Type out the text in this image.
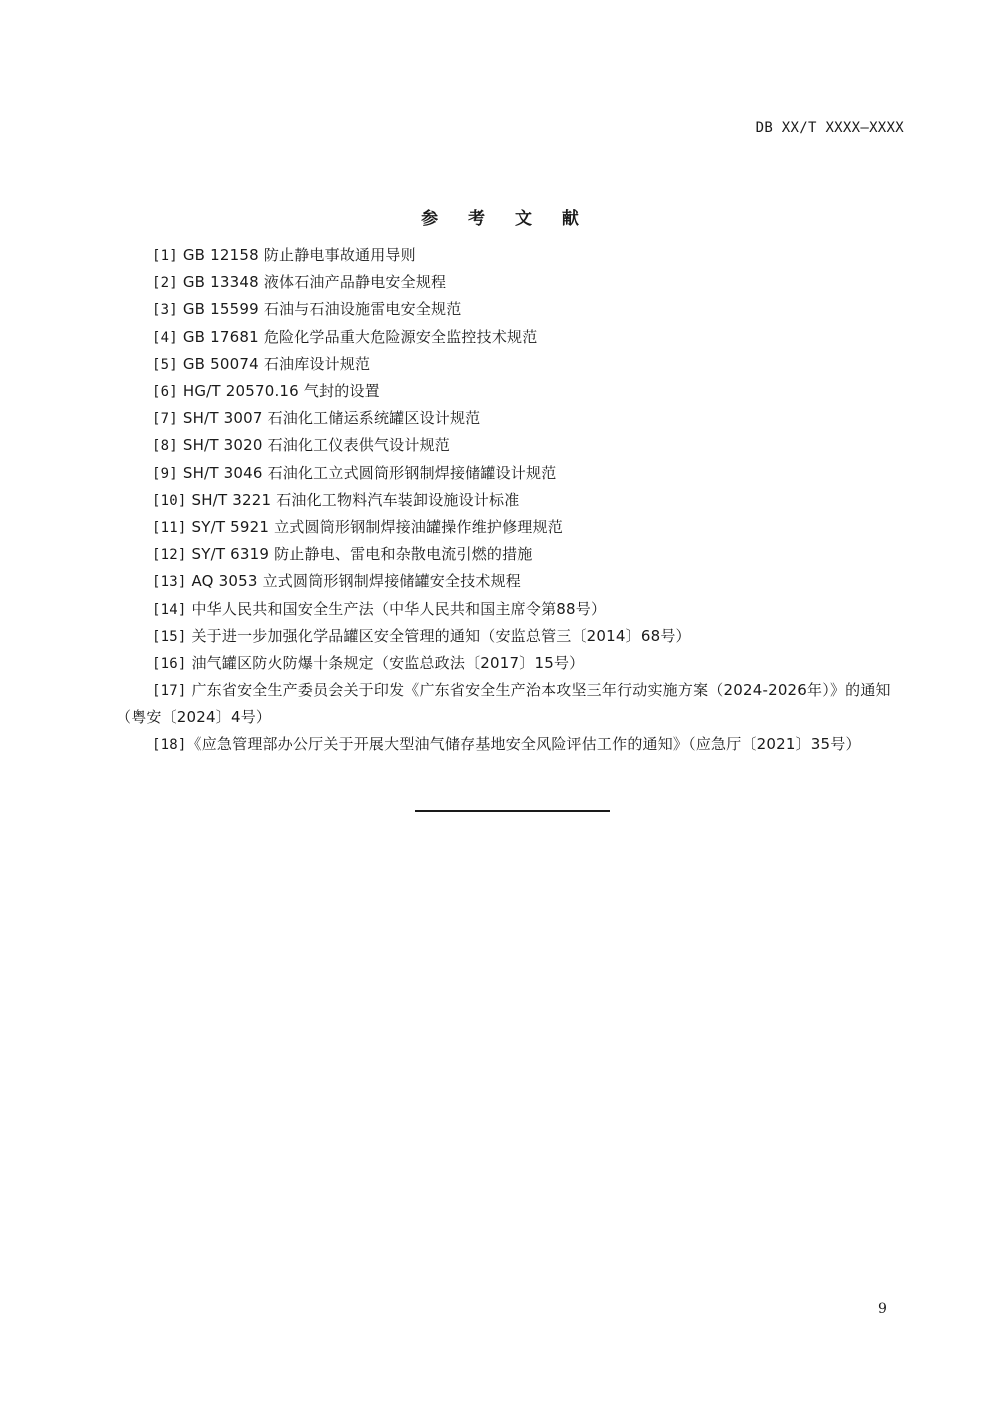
DB XX/T XXXX—XXXX
参 考 文 献
[1] GB 12158 防止静电事故通用导则
[2] GB 13348 液体石油产品静电安全规程
[3] GB 15599 石油与石油设施雷电安全规范
[4] GB 17681 危险化学品重大危险源安全监控技术规范
[5] GB 50074 石油库设计规范
[6] HG/T 20570.16 气封的设置
[7] SH/T 3007 石油化工储运系统罐区设计规范
[8] SH/T 3020 石油化工仪表供气设计规范
[9] SH/T 3046 石油化工立式圆筒形钢制焊接储罐设计规范
[10] SH/T 3221 石油化工物料汽车装卸设施设计标准
[11] SY/T 5921 立式圆筒形钢制焊接油罐操作维护修理规范
[12] SY/T 6319 防止静电、雷电和杂散电流引燃的措施
[13] AQ 3053 立式圆筒形钢制焊接储罐安全技术规程
[14] 中华人民共和国安全生产法（中华人民共和国主席令第88号）
[15] 关于进一步加强化学品罐区安全管理的通知（安监总管三〔2014〕68号）
[16] 油气罐区防火防爆十条规定（安监总政法〔2017〕15号）
[17] 广东省安全生产委员会关于印发《广东省安全生产治本攻坚三年行动实施方案（2024-2026年）》的通知（粤安〔2024〕4号）
[18]《应急管理部办公厅关于开展大型油气储存基地安全风险评估工作的通知》（应急厅〔2021〕35号）
9
